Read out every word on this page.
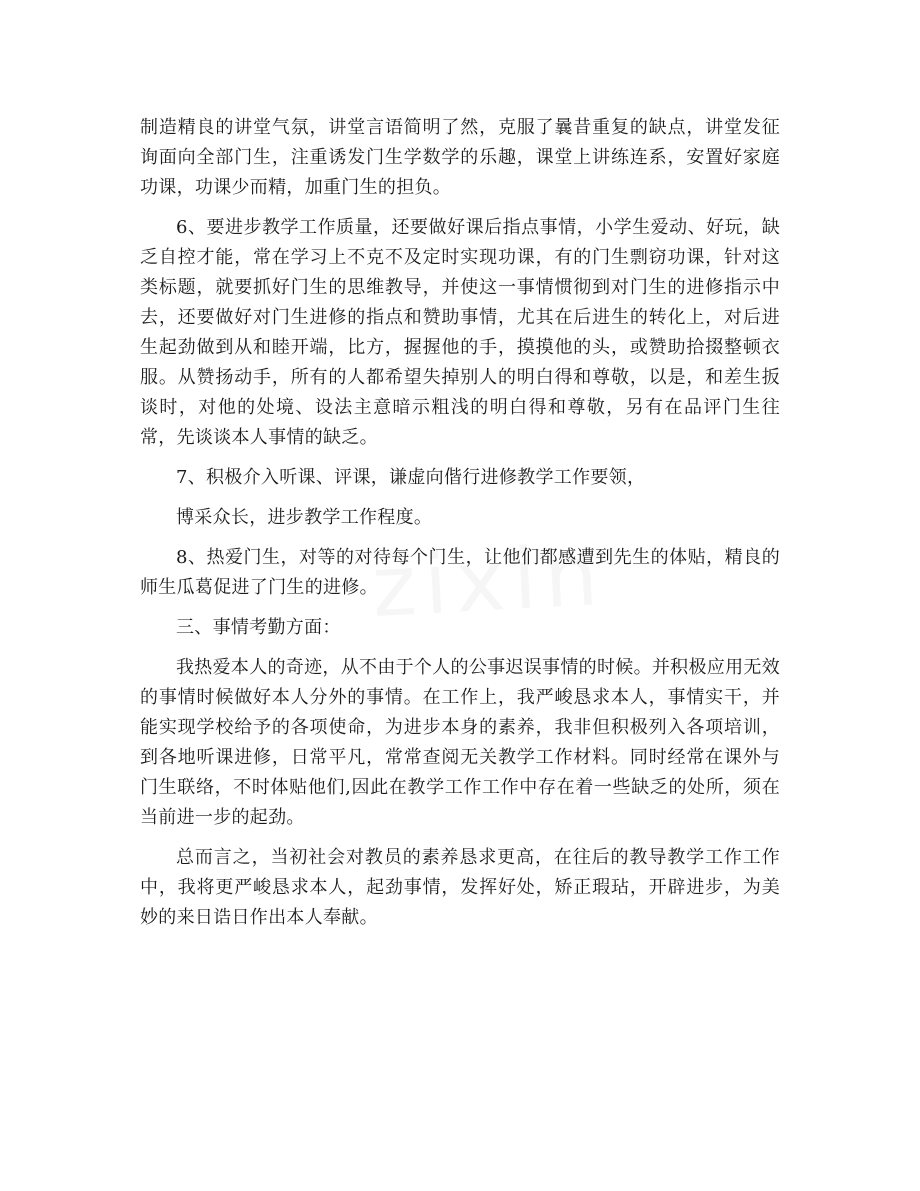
制造精良的讲堂气氛，讲堂言语简明了然，克服了曩昔重复的缺点，讲堂发征询面向全部门生，注重诱发门生学数学的乐趣，课堂上讲练连系，安置好家庭功课，功课少而精，加重门生的担负。

6、要进步教学工作质量，还要做好课后指点事情，小学生爱动、好玩，缺乏自控才能，常在学习上不克不及定时实现功课，有的门生剽窃功课，针对这类标题，就要抓好门生的思维教导，并使这一事情惯彻到对门生的进修指示中去，还要做好对门生进修的指点和赞助事情，尤其在后进生的转化上，对后进生起劲做到从和睦开端，比方，握握他的手，摸摸他的头，或赞助拾掇整顿衣服。从赞扬动手，所有的人都希望失掉别人的明白得和尊敬，以是，和差生扳谈时，对他的处境、设法主意暗示粗浅的明白得和尊敬，另有在品评门生往常，先谈谈本人事情的缺乏。

7、积极介入听课、评课，谦虚向偕行进修教学工作要领，

博采众长，进步教学工作程度。

8、热爱门生，对等的对待每个门生，让他们都感遭到先生的体贴，精良的师生瓜葛促进了门生的进修。

三、事情考勤方面：

我热爱本人的奇迹，从不由于个人的公事迟误事情的时候。并积极应用无效的事情时候做好本人分外的事情。在工作上，我严峻恳求本人，事情实干，并能实现学校给予的各项使命，为进步本身的素养，我非但积极列入各项培训，到各地听课进修，日常平凡，常常查阅无关教学工作材料。同时经常在课外与门生联络，不时体贴他们,因此在教学工作工作中存在着一些缺乏的处所，须在当前进一步的起劲。

总而言之，当初社会对教员的素养恳求更高，在往后的教导教学工作工作中，我将更严峻恳求本人，起劲事情，发挥好处，矫正瑕玷，开辟进步，为美妙的来日诰日作出本人奉献。
